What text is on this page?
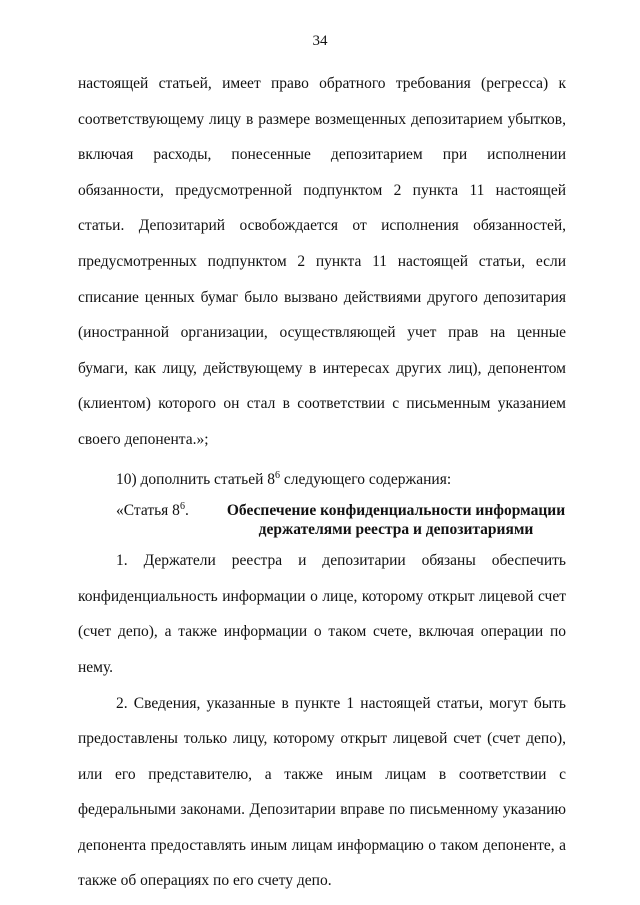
34

настоящей статьей, имеет право обратного требования (регресса) к соответствующему лицу в размере возмещенных депозитарием убытков, включая расходы, понесенные депозитарием при исполнении обязанности, предусмотренной подпунктом 2 пункта 11 настоящей статьи. Депозитарий освобождается от исполнения обязанностей, предусмотренных подпунктом 2 пункта 11 настоящей статьи, если списание ценных бумаг было вызвано действиями другого депозитария (иностранной организации, осуществляющей учет прав на ценные бумаги, как лицу, действующему в интересах других лиц), депонентом (клиентом) которого он стал в соответствии с письменным указанием своего депонента.»;

10) дополнить статьей $8^6$ следующего содержания:

«Статья $8^6$.	Обеспечение конфиденциальности информации держателями реестра и депозитариями

1. Держатели реестра и депозитарии обязаны обеспечить конфиденциальность информации о лице, которому открыт лицевой счет (счет депо), а также информации о таком счете, включая операции по нему.

2. Сведения, указанные в пункте 1 настоящей статьи, могут быть предоставлены только лицу, которому открыт лицевой счет (счет депо), или его представителю, а также иным лицам в соответствии с федеральными законами. Депозитарии вправе по письменному указанию депонента предоставлять иным лицам информацию о таком депоненте, а также об операциях по его счету депо.
